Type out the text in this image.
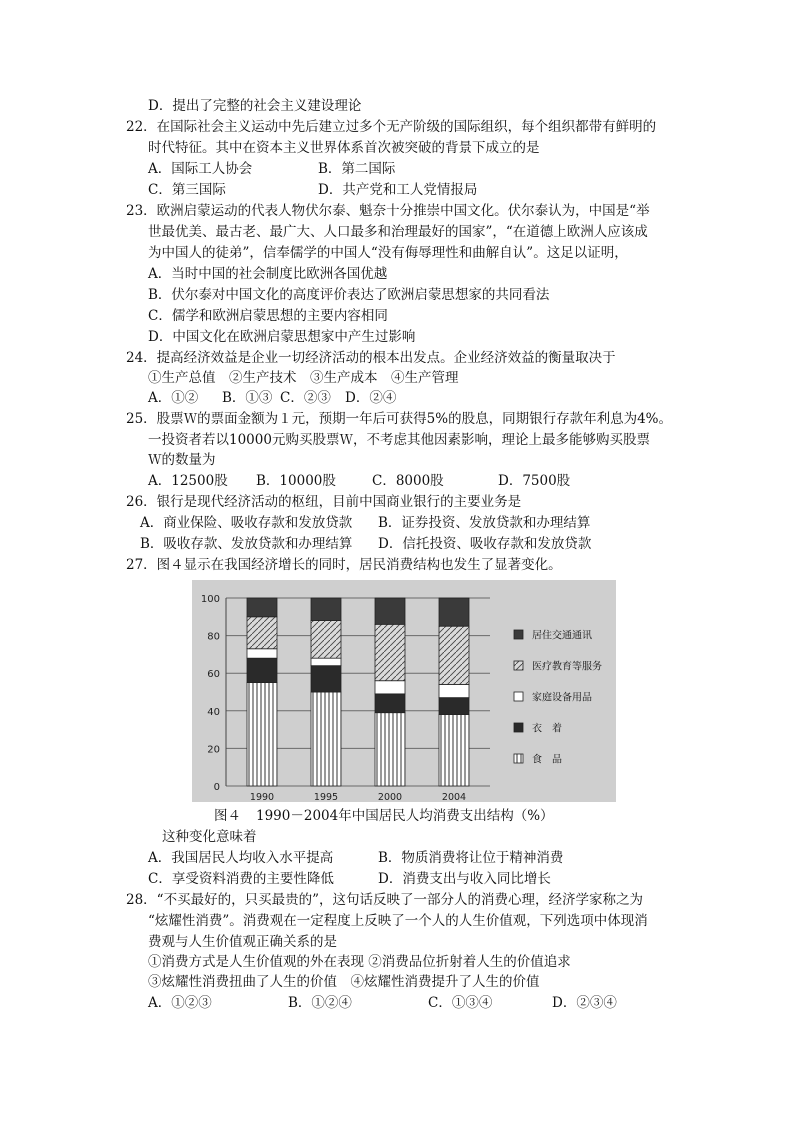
D．提出了完整的社会主义建设理论
22．在国际社会主义运动中先后建立过多个无产阶级的国际组织，每个组织都带有鲜明的
时代特征。其中在资本主义世界体系首次被突破的背景下成立的是
A．国际工人协会	B．第二国际
C．第三国际	D．共产党和工人党情报局
23．欧洲启蒙运动的代表人物伏尔泰、魁奈十分推崇中国文化。伏尔泰认为，中国是“举
世最优美、最古老、最广大、人口最多和治理最好的国家”，“在道德上欧洲人应该成
为中国人的徒弟”，信奉儒学的中国人“没有侮辱理性和曲解自认”。这足以证明，
A．当时中国的社会制度比欧洲各国优越
B．伏尔泰对中国文化的高度评价表达了欧洲启蒙思想家的共同看法
C．儒学和欧洲启蒙思想的主要内容相同
D．中国文化在欧洲启蒙思想家中产生过影响
24．提高经济效益是企业一切经济活动的根本出发点。企业经济效益的衡量取决于
①生产总值　②生产技术　③生产成本　④生产管理
A．①② B．①③ C．②③ D．②④
25．股票Ｗ的票面金额为１元，预期一年后可获得5%的股息，同期银行存款年利息为4%。
一投资者若以10000元购买股票Ｗ，不考虑其他因素影响，理论上最多能够购买股票
Ｗ的数量为
A．12500股 B．10000股	C．8000股	D．7500股
26．银行是现代经济活动的枢纽，目前中国商业银行的主要业务是
A．商业保险、吸收存款和发放贷款 B．证券投资、发放贷款和办理结算
B．吸收存款、发放贷款和办理结算 D．信托投资、吸收存款和发放贷款
27．图４显示在我国经济增长的同时，居民消费结构也发生了显著变化。
0
20
40
60
80
100
1990	1995	2000	2004
居住交通通讯
医疗教育等服务
家庭设备用品
衣　着
食　品
图４ 1990－2004年中国居民人均消费支出结构（%）
这种变化意味着
A．我国居民人均收入水平提高	B．物质消费将让位于精神消费
C．享受资料消费的主要性降低	D．消费支出与收入同比增长
28．“不买最好的，只买最贵的”，这句话反映了一部分人的消费心理，经济学家称之为
“炫耀性消费”。消费观在一定程度上反映了一个人的人生价值观，下列选项中体现消
费观与人生价值观正确关系的是
①消费方式是人生价值观的外在表现 ②消费品位折射着人生的价值追求
③炫耀性消费扭曲了人生的价值　④炫耀性消费提升了人生的价值
A．①②③	B．①②④	C．①③④	D．②③④
